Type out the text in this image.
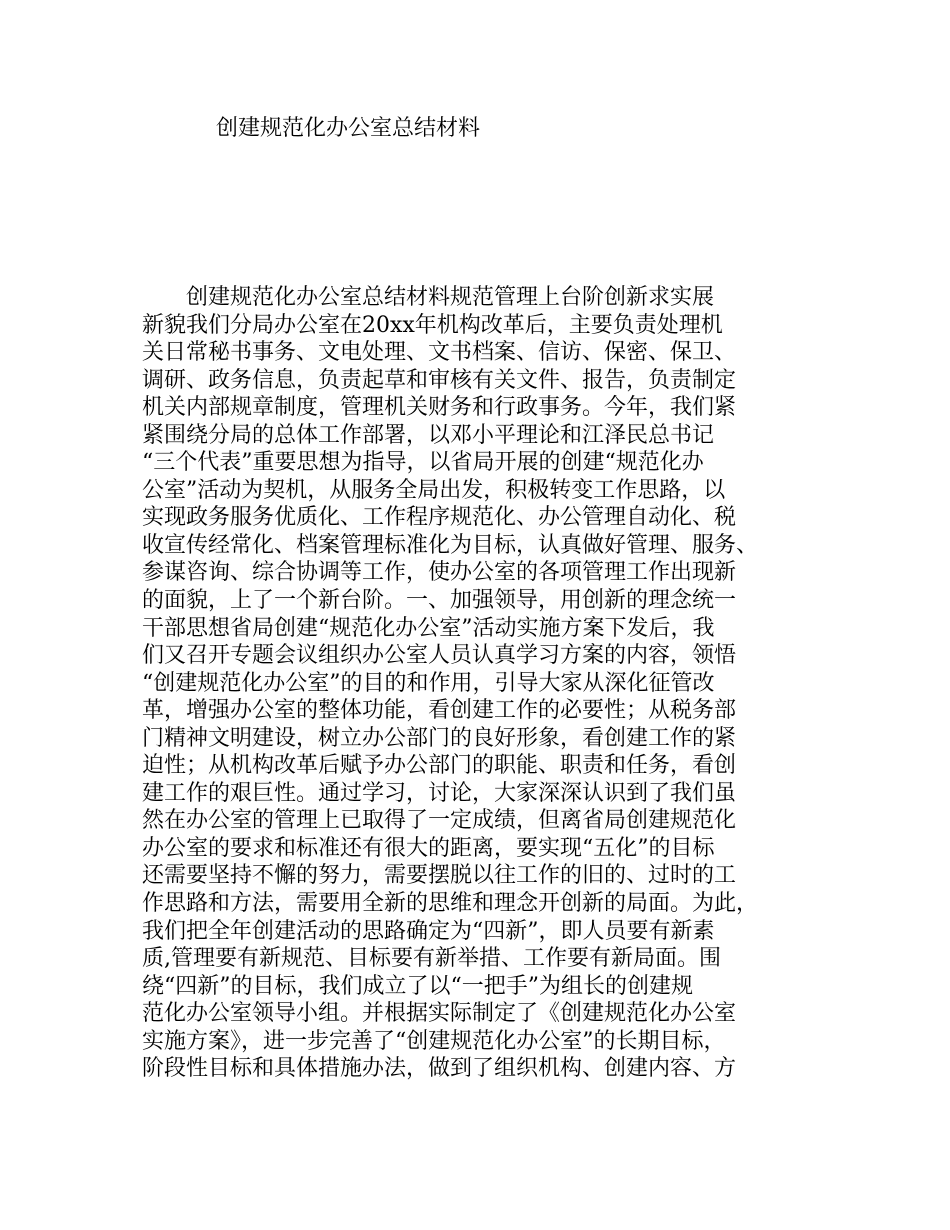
创建规范化办公室总结材料
　　创建规范化办公室总结材料规范管理上台阶创新求实展
新貌我们分局办公室在20xx年机构改革后，主要负责处理机
关日常秘书事务、文电处理、文书档案、信访、保密、保卫、
调研、政务信息，负责起草和审核有关文件、报告，负责制定
机关内部规章制度，管理机关财务和行政事务。今年，我们紧
紧围绕分局的总体工作部署，以邓小平理论和江泽民总书记
“三个代表”重要思想为指导，以省局开展的创建“规范化办
公室”活动为契机，从服务全局出发，积极转变工作思路，以
实现政务服务优质化、工作程序规范化、办公管理自动化、税
收宣传经常化、档案管理标准化为目标，认真做好管理、服务、
参谋咨询、综合协调等工作，使办公室的各项管理工作出现新
的面貌，上了一个新台阶。一、加强领导，用创新的理念统一
干部思想省局创建“规范化办公室”活动实施方案下发后，我
们又召开专题会议组织办公室人员认真学习方案的内容，领悟
“创建规范化办公室”的目的和作用，引导大家从深化征管改
革，增强办公室的整体功能，看创建工作的必要性；从税务部
门精神文明建设，树立办公部门的良好形象，看创建工作的紧
迫性；从机构改革后赋予办公部门的职能、职责和任务，看创
建工作的艰巨性。通过学习，讨论，大家深深认识到了我们虽
然在办公室的管理上已取得了一定成绩，但离省局创建规范化
办公室的要求和标准还有很大的距离，要实现“五化”的目标
还需要坚持不懈的努力，需要摆脱以往工作的旧的、过时的工
作思路和方法，需要用全新的思维和理念开创新的局面。为此，
我们把全年创建活动的思路确定为“四新”，即人员要有新素
质,管理要有新规范、目标要有新举措、工作要有新局面。围
绕“四新”的目标，我们成立了以“一把手”为组长的创建规
范化办公室领导小组。并根据实际制定了《创建规范化办公室
实施方案》，进一步完善了“创建规范化办公室”的长期目标，
阶段性目标和具体措施办法，做到了组织机构、创建内容、方
